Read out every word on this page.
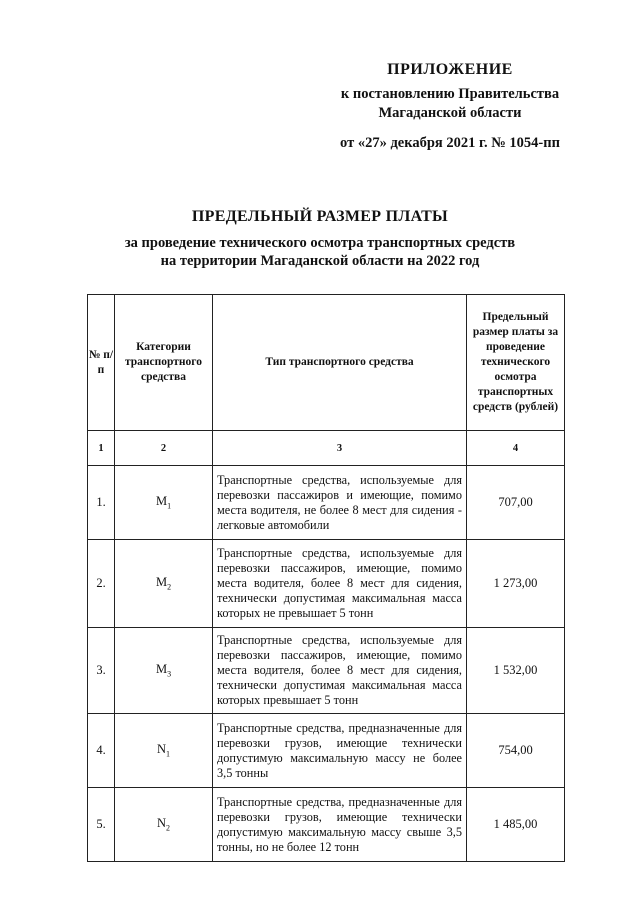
ПРИЛОЖЕНИЕ
к постановлению Правительства
Магаданской области
от «27» декабря 2021 г. № 1054-пп
ПРЕДЕЛЬНЫЙ РАЗМЕР ПЛАТЫ
за проведение технического осмотра транспортных средств
на территории Магаданской области на 2022 год
№ п/п	Категории транспортного средства	Тип транспортного средства	Предельный размер платы за проведение технического осмотра транспортных средств (рублей)
1	2	3	4
1.	$M_1$	Транспортные средства, используемые для перевозки пассажиров и имеющие, помимо места водителя, не более 8 мест для сидения - легковые автомобили	707,00
2.	$M_2$	Транспортные средства, используемые для перевозки пассажиров, имеющие, помимо места водителя, более 8 мест для сидения, технически допустимая максимальная масса которых не превышает 5 тонн	1 273,00
3.	$M_3$	Транспортные средства, используемые для перевозки пассажиров, имеющие, помимо места водителя, более 8 мест для сидения, технически допустимая максимальная масса которых превышает 5 тонн	1 532,00
4.	$N_1$	Транспортные средства, предназначенные для перевозки грузов, имеющие технически допустимую максимальную массу не более 3,5 тонны	754,00
5.	$N_2$	Транспортные средства, предназначенные для перевозки грузов, имеющие технически допустимую максимальную массу свыше 3,5 тонны, но не более 12 тонн	1 485,00
